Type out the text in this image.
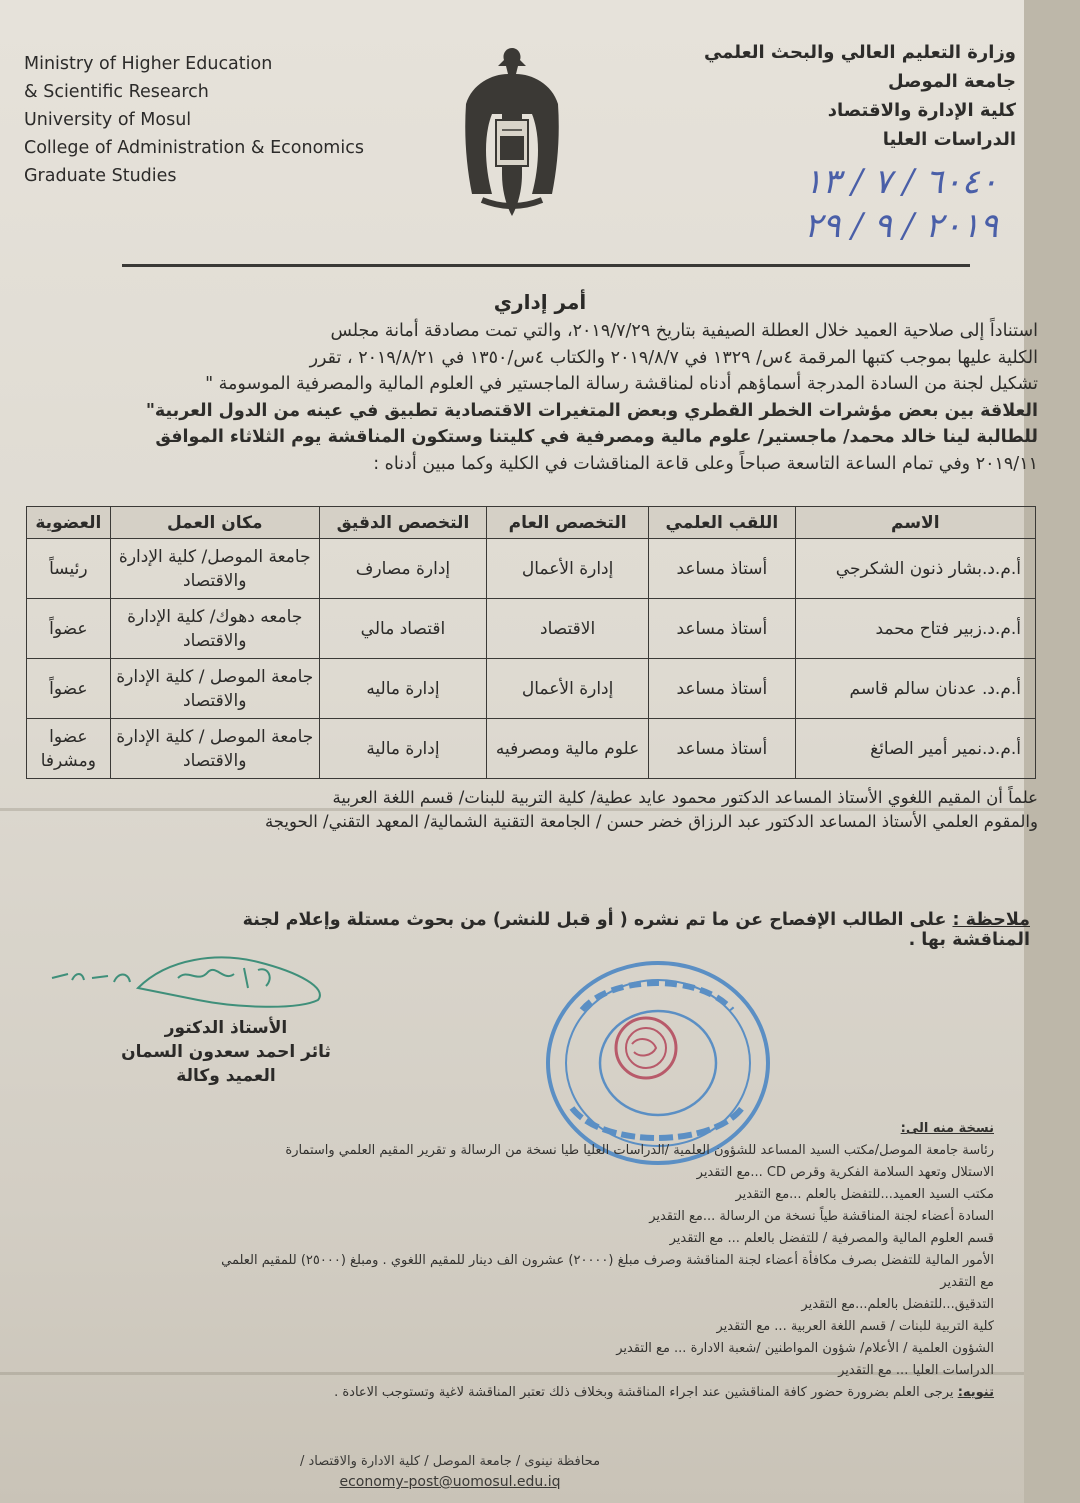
Ministry of Higher Education
& Scientific Research
University of Mosul
College of Administration & Economics
Graduate Studies
وزارة التعليم العالي والبحث العلمي
جامعة الموصل
كلية الإدارة والاقتصاد
الدراسات العليا
٦٠٤٠ / ٧ / ١٣
٢٠١٩ / ٩ / ٢٩
أمر إداري

استناداً إلى صلاحية العميد خلال العطلة الصيفية بتاريخ ٢٠١٩/٧/٢٩، والتي تمت مصادقة أمانة مجلس

الكلية عليها بموجب كتبها المرقمة ٤س/ ١٣٢٩ في ٢٠١٩/٨/٧ والكتاب ٤س/١٣٥٠ في ٢٠١٩/٨/٢١ ، تقرر

تشكيل لجنة من السادة المدرجة أسماؤهم أدناه لمناقشة رسالة الماجستير في العلوم المالية والمصرفية الموسومة "

العلاقة بين بعض مؤشرات الخطر القطري وبعض المتغيرات الاقتصادية تطبيق في عينه من الدول العربية"

للطالبة لينا خالد محمد/ ماجستير/ علوم مالية ومصرفية في كليتنا وستكون المناقشة يوم الثلاثاء الموافق

٢٠١٩/١١ وفي تمام الساعة التاسعة صباحاً وعلى قاعة المناقشات في الكلية وكما مبين أدناه :

الاسم	اللقب العلمي	التخصص العام	التخصص الدقيق	مكان العمل	العضوية
أ.م.د.بشار ذنون الشكرجي	أستاذ مساعد	إدارة الأعمال	إدارة مصارف	جامعة الموصل/ كلية الإدارة والاقتصاد	رئيساً
أ.م.د.زبير فتاح محمد	أستاذ مساعد	الاقتصاد	اقتصاد مالي	جامعه دهوك/ كلية الإدارة والاقتصاد	عضواً
أ.م.د. عدنان سالم قاسم	أستاذ مساعد	إدارة الأعمال	إدارة ماليه	جامعة الموصل / كلية الإدارة والاقتصاد	عضواً
أ.م.د.نمير أمير الصائغ	أستاذ مساعد	علوم مالية ومصرفيه	إدارة مالية	جامعة الموصل / كلية الإدارة والاقتصاد	عضوا ومشرفا

علماً أن المقيم اللغوي الأستاذ المساعد الدكتور محمود عايد عطية/ كلية التربية للبنات/ قسم اللغة العربية

والمقوم العلمي الأستاذ المساعد الدكتور عبد الرزاق خضر حسن / الجامعة التقنية الشمالية/ المعهد التقني/ الحويجة

ملاحظة : على الطالب الإفصاح عن ما تم نشره ( أو قبل للنشر) من بحوث مستلة وإعلام لجنة المناقشة بها .
الأستاذ الدكتور
ثائر احمد سعدون السمان
العميد وكالة

نسخة منه الى:

رئاسة جامعة الموصل/مكتب السيد المساعد للشؤون العلمية /الدراسات العليا طيا نسخة من الرسالة و تقرير المقيم العلمي واستمارة

الاستلال وتعهد السلامة الفكرية وقرص CD ...مع التقدير

مكتب السيد العميد...للتفضل بالعلم ...مع التقدير

السادة أعضاء لجنة المناقشة طياً نسخة من الرسالة ...مع التقدير

قسم العلوم المالية والمصرفية / للتفضل بالعلم ... مع التقدير

الأمور المالية للتفضل بصرف مكافأة أعضاء لجنة المناقشة وصرف مبلغ (٢٠٠٠٠) عشرون الف دينار للمقيم اللغوي . ومبلغ (٢٥٠٠٠) للمقيم العلمي

مع التقدير

التدقيق...للتفضل بالعلم...مع التقدير

كلية التربية للبنات / قسم اللغة العربية ... مع التقدير

الشؤون العلمية / الأعلام/ شؤون المواطنين /شعبة الادارة ... مع التقدير

الدراسات العليا ... مع التقدير

تنويه: يرجى العلم بضرورة حضور كافة المناقشين عند اجراء المناقشة وبخلاف ذلك تعتبر المناقشة لاغية وتستوجب الاعادة .

محافظة نينوى / جامعة الموصل / كلية الادارة والاقتصاد /
economy-post@uomosul.edu.iq
